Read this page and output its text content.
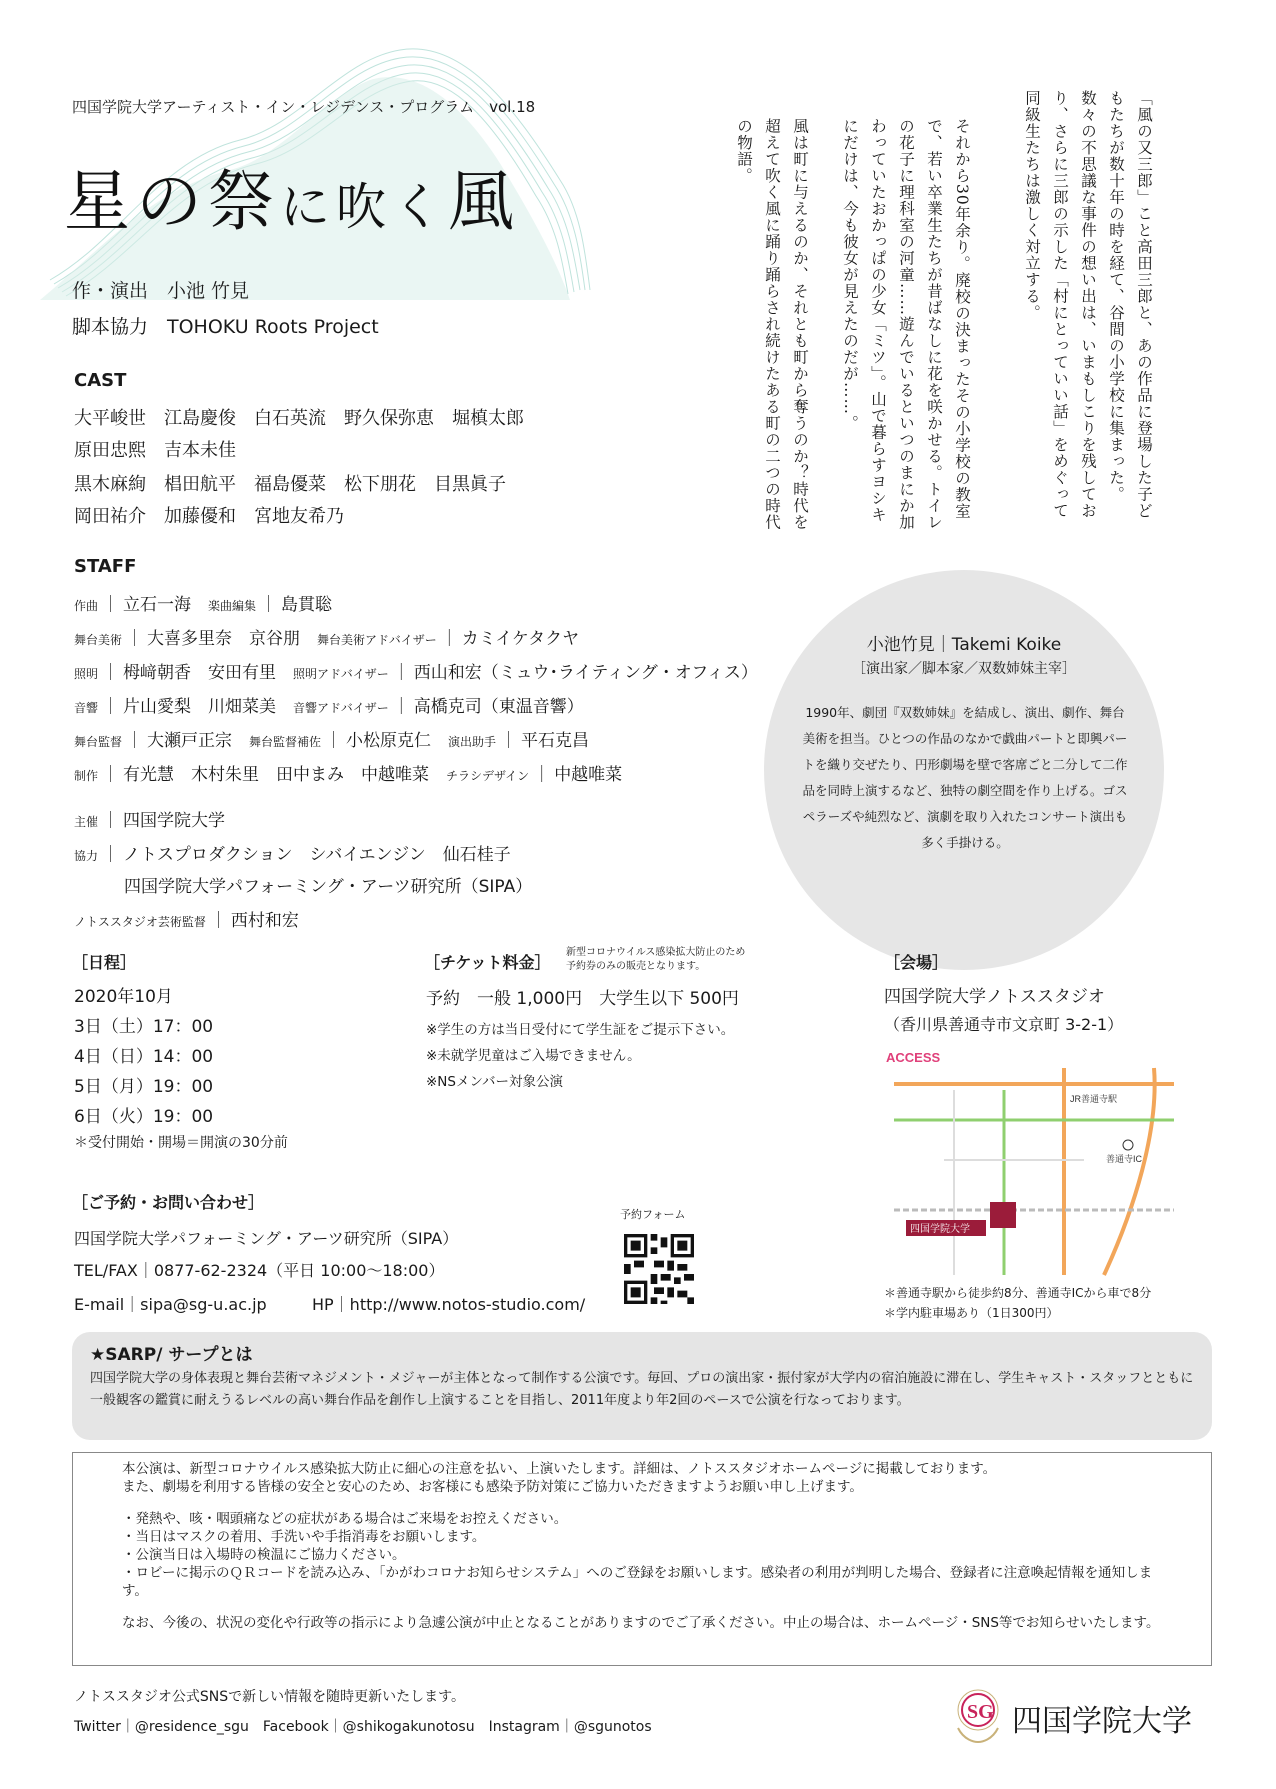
四国学院大学アーティスト・イン・レジデンス・プログラム　vol.18
星の祭に吹く風
作・演出　小池 竹見
脚本協力　TOHOKU Roots Project
CAST
大平峻世 江島慶俊 白石英流 野久保弥恵 堀槙太郎
原田忠熙 吉本未佳
黒木麻絢 椙田航平 福島優菜 松下朋花 目黒眞子
岡田祐介 加藤優和 宮地友希乃
STAFF
作曲 ｜ 立石一海　 楽曲編集 ｜ 島貫聡
舞台美術 ｜ 大喜多里奈　京谷朋　 舞台美術アドバイザー ｜ カミイケタクヤ
照明 ｜ 栂﨑朝香　安田有里　 照明アドバイザー ｜ 西山和宏（ミュウ･ライティング・オフィス）
音響 ｜ 片山愛梨　川畑菜美　 音響アドバイザー ｜ 高橋克司（東温音響）
舞台監督 ｜ 大瀬戸正宗　 舞台監督補佐 ｜ 小松原克仁　 演出助手 ｜ 平石克昌
制作 ｜ 有光慧　木村朱里　田中まみ　中越唯菜　 チラシデザイン ｜ 中越唯菜
主催 ｜ 四国学院大学
協力 ｜ ノトスプロダクション　シバイエンジン　仙石桂子
四国学院大学パフォーミング・アーツ研究所（SIPA）
ノトススタジオ芸術監督 ｜ 西村和宏
「風の又三郎」こと高田三郎と、あの作品に登場した子どもたちが数十年の時を経て、谷間の小学校に集まった。数々の不思議な事件の想い出は、いまもしこりを残しており、さらに三郎の示した「村にとっていい話」をめぐって同級生たちは激しく対立する。
それから30年余り。廃校の決まったその小学校の教室で、若い卒業生たちが昔ばなしに花を咲かせる。トイレの花子に理科室の河童……遊んでいるといつのまにか加わっていたおかっぱの少女「ミツ」。山で暮らすヨシキにだけは、今も彼女が見えたのだが……。
風は町に与えるのか、それとも町から奪うのか？時代を超えて吹く風に踊り踊らされ続けたある町の二つの時代の物語。
小池竹見｜Takemi Koike
［演出家／脚本家／双数姉妹主宰］
1990年、劇団『双数姉妹』を結成し、演出、劇作、舞台美術を担当。ひとつの作品のなかで戯曲パートと即興パートを織り交ぜたり、円形劇場を壁で客席ごと二分して二作品を同時上演するなど、独特の劇空間を作り上げる。ゴスペラーズや純烈など、演劇を取り入れたコンサート演出も多く手掛ける。
［日程］
2020年10月
3日（土）17：00
4日（日）14：00
5日（月）19：00
6日（火）19：00
＊受付開始・開場＝開演の30分前
［チケット料金］
新型コロナウイルス感染拡大防止のため
予約券のみの販売となります。
予約　一般 1,000円　大学生以下 500円
※学生の方は当日受付にて学生証をご提示下さい。
※未就学児童はご入場できません。
※NSメンバー対象公演
［会場］
四国学院大学ノトススタジオ
（香川県善通寺市文京町 3-2-1）
ACCESS
四国学院大学
JR善通寺駅
善通寺IC
＊善通寺駅から徒歩約8分、善通寺ICから車で8分
＊学内駐車場あり（1日300円）
［ご予約・お問い合わせ］
四国学院大学パフォーミング・アーツ研究所（SIPA）
TEL/FAX｜0877-62-2324（平日 10:00〜18:00）
E-mail｜sipa@sg-u.ac.jp	HP｜http://www.notos-studio.com/
予約フォーム
★SARP/ サープとは
四国学院大学の身体表現と舞台芸術マネジメント・メジャーが主体となって制作する公演です。毎回、プロの演出家・振付家が大学内の宿泊施設に滞在し、学生キャスト・スタッフとともに一般観客の鑑賞に耐えうるレベルの高い舞台作品を創作し上演することを目指し、2011年度より年2回のペースで公演を行なっております。

本公演は、新型コロナウイルス感染拡大防止に細心の注意を払い、上演いたします。詳細は、ノトススタジオホームページに掲載しております。

また、劇場を利用する皆様の安全と安心のため、お客様にも感染予防対策にご協力いただきますようお願い申し上げます。

・発熱や、咳・咽頭痛などの症状がある場合はご来場をお控えください。

・当日はマスクの着用、手洗いや手指消毒をお願いします。

・公演当日は入場時の検温にご協力ください。

・ロビーに掲示のＱＲコードを読み込み、「かがわコロナお知らせシステム」へのご登録をお願いします。感染者の利用が判明した場合、登録者に注意喚起情報を通知します。

なお、今後の、状況の変化や行政等の指示により急遽公演が中止となることがありますのでご了承ください。中止の場合は、ホームページ・SNS等でお知らせいたします。

ノトススタジオ公式SNSで新しい情報を随時更新いたします。
Twitter｜@residence_sgu　Facebook｜@shikogakunotosu　Instagram｜@sgunotos
SG 四国学院大学
